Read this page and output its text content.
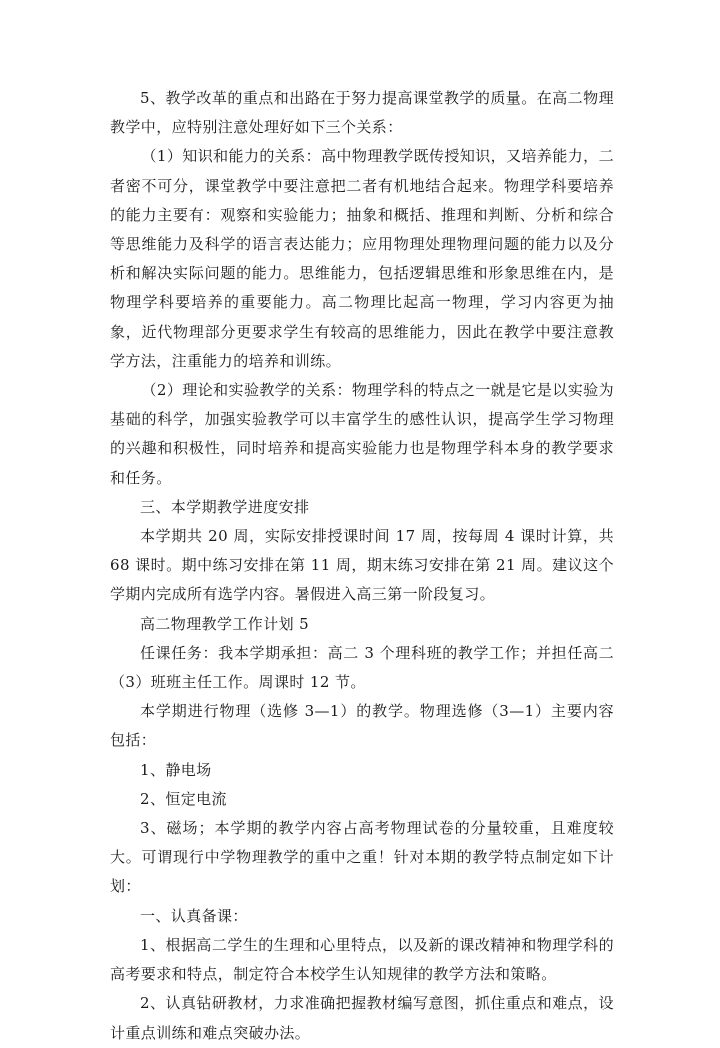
5、教学改革的重点和出路在于努力提高课堂教学的质量。在高二物理教学中，应特别注意处理好如下三个关系：

（1）知识和能力的关系：高中物理教学既传授知识，又培养能力，二者密不可分，课堂教学中要注意把二者有机地结合起来。物理学科要培养的能力主要有：观察和实验能力；抽象和概括、推理和判断、分析和综合等思维能力及科学的语言表达能力；应用物理处理物理问题的能力以及分析和解决实际问题的能力。思维能力，包括逻辑思维和形象思维在内，是物理学科要培养的重要能力。高二物理比起高一物理，学习内容更为抽象，近代物理部分更要求学生有较高的思维能力，因此在教学中要注意教学方法，注重能力的培养和训练。

（2）理论和实验教学的关系：物理学科的特点之一就是它是以实验为基础的科学，加强实验教学可以丰富学生的感性认识，提高学生学习物理的兴趣和积极性，同时培养和提高实验能力也是物理学科本身的教学要求和任务。

三、本学期教学进度安排

本学期共 20 周，实际安排授课时间 17 周，按每周 4 课时计算，共 68 课时。期中练习安排在第 11 周，期末练习安排在第 21 周。建议这个学期内完成所有选学内容。暑假进入高三第一阶段复习。

高二物理教学工作计划 5

任课任务：我本学期承担：高二 3 个理科班的教学工作；并担任高二（3）班班主任工作。周课时 12 节。

本学期进行物理（选修 3—1）的教学。物理选修（3—1）主要内容包括：

1、静电场

2、恒定电流

3、磁场；本学期的教学内容占高考物理试卷的分量较重，且难度较大。可谓现行中学物理教学的重中之重！针对本期的教学特点制定如下计划：

一、认真备课：

1、根据高二学生的生理和心里特点，以及新的课改精神和物理学科的高考要求和特点，制定符合本校学生认知规律的教学方法和策略。

2、认真钻研教材，力求准确把握教材编写意图，抓住重点和难点，设计重点训练和难点突破办法。
